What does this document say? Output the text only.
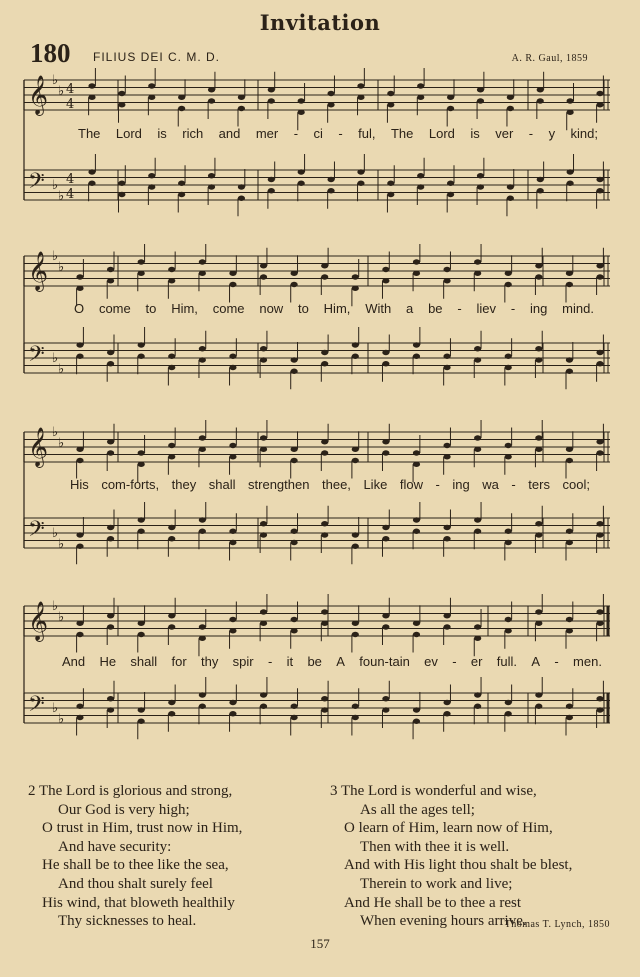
Invitation
180 FILIUS DEI C. M. D.	A. R. Gaul, 1859
𝄞 ♭
♭ 4
4
𝄢 ♭
♭
4
4
𝄞 ♭
♭
𝄢 ♭
♭
𝄞 ♭
♭
𝄢 ♭
♭
𝄞 ♭
♭
𝄢 ♭
♭
The Lord is rich and mer - ci - ful, The Lord is ver - y kind;
O come to Him, come now to Him, With a be - liev - ing mind.
His com-forts, they shall strengthen thee, Like flow - ing wa - ters cool;
And He shall for thy spir - it be A foun-tain ev - er full. A - men.
2 The Lord is glorious and strong,
Our God is very high;
O trust in Him, trust now in Him,
And have security:
He shall be to thee like the sea,
And thou shalt surely feel
His wind, that bloweth healthily
Thy sicknesses to heal.
3 The Lord is wonderful and wise,
As all the ages tell;
O learn of Him, learn now of Him,
Then with thee it is well.
And with His light thou shalt be blest,
Therein to work and live;
And He shall be to thee a rest
When evening hours arrive.
Thomas T. Lynch, 1850
157
